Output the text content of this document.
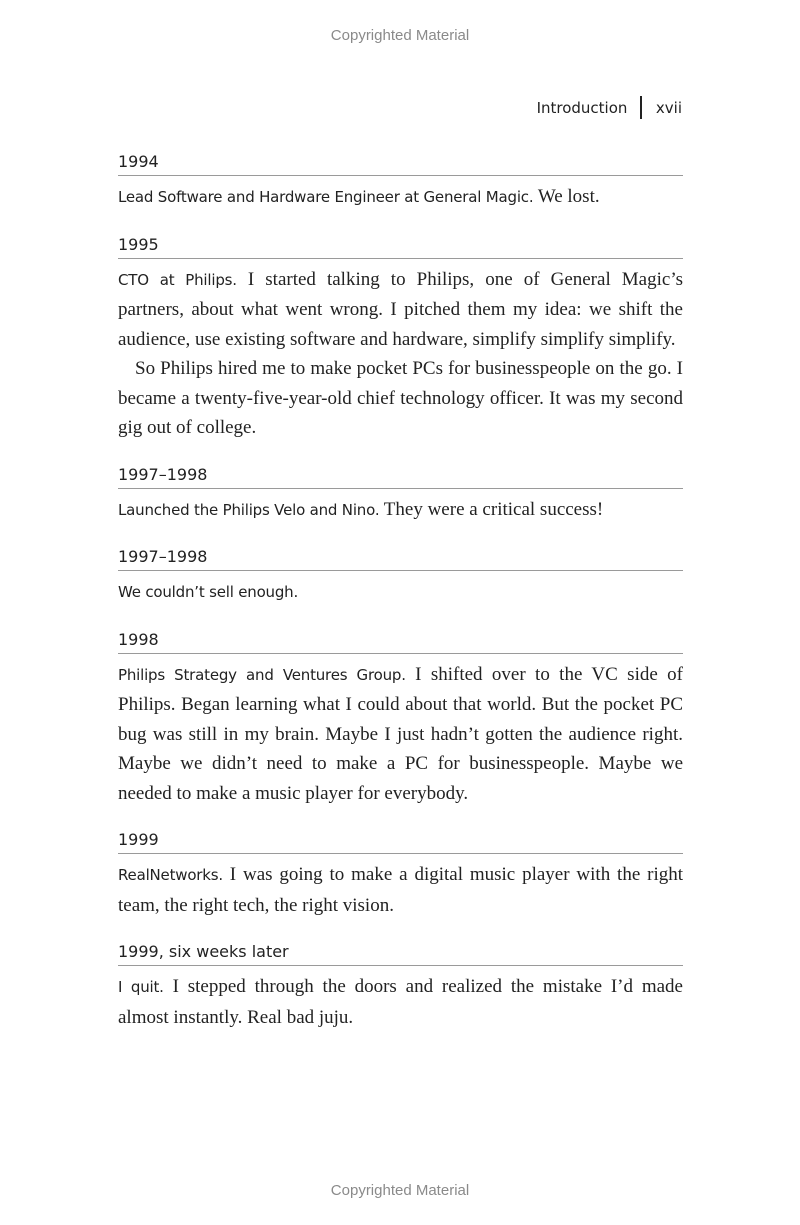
Copyrighted Material
Introduction xvii
1994

Lead Software and Hardware Engineer at General Magic. We lost.

1995

CTO at Philips. I started talking to Philips, one of General Magic’s partners, about what went wrong. I pitched them my idea: we shift the audience, use existing software and hardware, simplify simplify simplify.

So Philips hired me to make pocket PCs for businesspeople on the go. I became a twenty-five-year-old chief technology officer. It was my second gig out of college.

1997–1998

Launched the Philips Velo and Nino. They were a critical success!

1997–1998

We couldn’t sell enough.

1998

Philips Strategy and Ventures Group. I shifted over to the VC side of Philips. Began learning what I could about that world. But the pocket PC bug was still in my brain. Maybe I just hadn’t gotten the audience right. Maybe we didn’t need to make a PC for businesspeople. Maybe we needed to make a music player for everybody.

1999

RealNetworks. I was going to make a digital music player with the right team, the right tech, the right vision.

1999, six weeks later

I quit. I stepped through the doors and realized the mistake I’d made almost instantly. Real bad juju.

Copyrighted Material
